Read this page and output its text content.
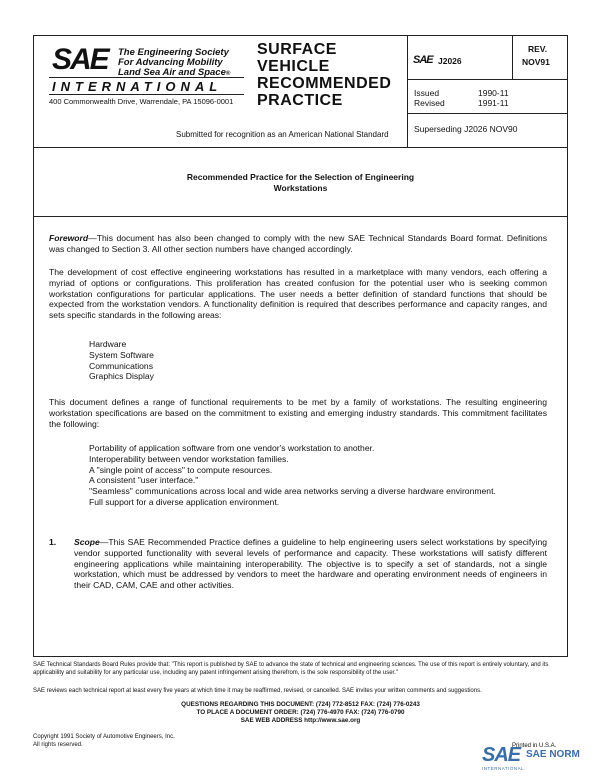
SAE The Engineering Society
For Advancing Mobility
Land Sea Air and Space®
INTERNATIONAL
400 Commonwealth Drive, Warrendale, PA 15096-0001
SURFACE
VEHICLE
RECOMMENDED
PRACTICE
Submitted for recognition as an American National Standard
SAE J2026
REV.
NOV91
Issued	1990-11
Revised	1991-11
Superseding J2026 NOV90
Recommended Practice for the Selection of Engineering
Workstations
Foreword—This document has also been changed to comply with the new SAE Technical Standards Board format. Definitions was changed to Section 3. All other section numbers have changed accordingly.
The development of cost effective engineering workstations has resulted in a marketplace with many vendors, each offering a myriad of options or configurations. This proliferation has created confusion for the potential user who is seeking common workstation configurations for particular applications. The user needs a better definition of standard functions that should be expected from the workstation vendors. A functionality definition is required that describes performance and capacity ranges, and sets specific standards in the following areas:
Hardware
System Software
Communications
Graphics Display
This document defines a range of functional requirements to be met by a family of workstations. The resulting engineering workstation specifications are based on the commitment to existing and emerging industry standards. This commitment facilitates the following:
Portability of application software from one vendor's workstation to another.
Interoperability between vendor workstation families.
A "single point of access" to compute resources.
A consistent "user interface."
"Seamless" communications across local and wide area networks serving a diverse hardware environment.
Full support for a diverse application environment.
1. Scope—This SAE Recommended Practice defines a guideline to help engineering users select workstations by specifying vendor supported functionality with several levels of performance and capacity. These workstations will satisfy different engineering applications while maintaining interoperability. The objective is to specify a set of standards, not a single workstation, which must be addressed by vendors to meet the hardware and operating environment needs of engineers in their CAD, CAM, CAE and other activities.
SAE Technical Standards Board Rules provide that: "This report is published by SAE to advance the state of technical and engineering sciences. The use of this report is entirely voluntary, and its applicability and suitability for any particular use, including any patent infringement arising therefrom, is the sole responsibility of the user."
SAE reviews each technical report at least every five years at which time it may be reaffirmed, revised, or cancelled. SAE invites your written comments and suggestions.
QUESTIONS REGARDING THIS DOCUMENT: (724) 772-8512 FAX: (724) 776-0243
TO PLACE A DOCUMENT ORDER: (724) 776-4970 FAX: (724) 776-0790
SAE WEB ADDRESS http://www.sae.org
Copyright 1991 Society of Automotive Engineers, Inc.
All rights reserved.	Printed in U.S.A.
SAE SAE NORM
INTERNATIONAL
